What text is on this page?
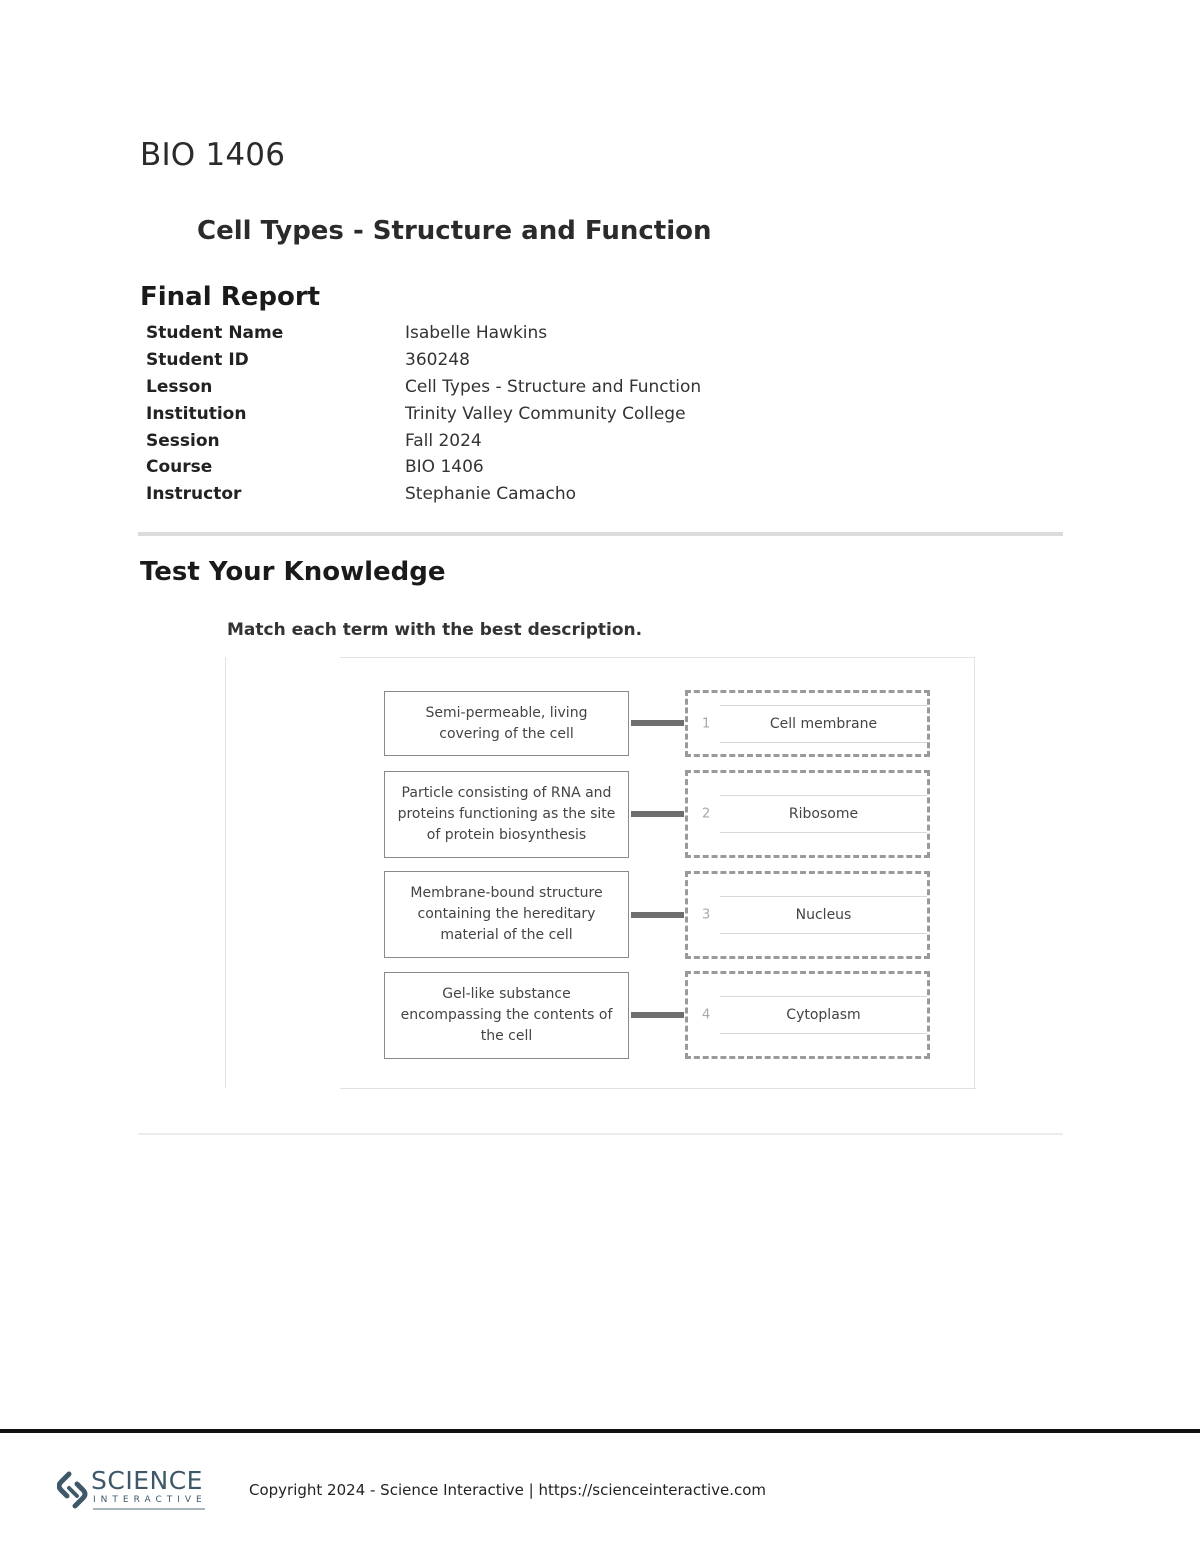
BIO 1406
Cell Types - Structure and Function
Final Report
Student Name	Isabelle Hawkins
Student ID	360248
Lesson	Cell Types - Structure and Function
Institution	Trinity Valley Community College
Session	Fall 2024
Course	BIO 1406
Instructor	Stephanie Camacho
Test Your Knowledge
Match each term with the best description.
Semi-permeable, living covering of the cell
1	Cell membrane
Particle consisting of RNA and proteins functioning as the site of protein biosynthesis
2	Ribosome
Membrane-bound structure containing the hereditary material of the cell
3	Nucleus
Gel-like substance encompassing the contents of the cell
4	Cytoplasm
SCIENCE
INTERACTIVE
Copyright 2024 - Science Interactive | https://scienceinteractive.com
